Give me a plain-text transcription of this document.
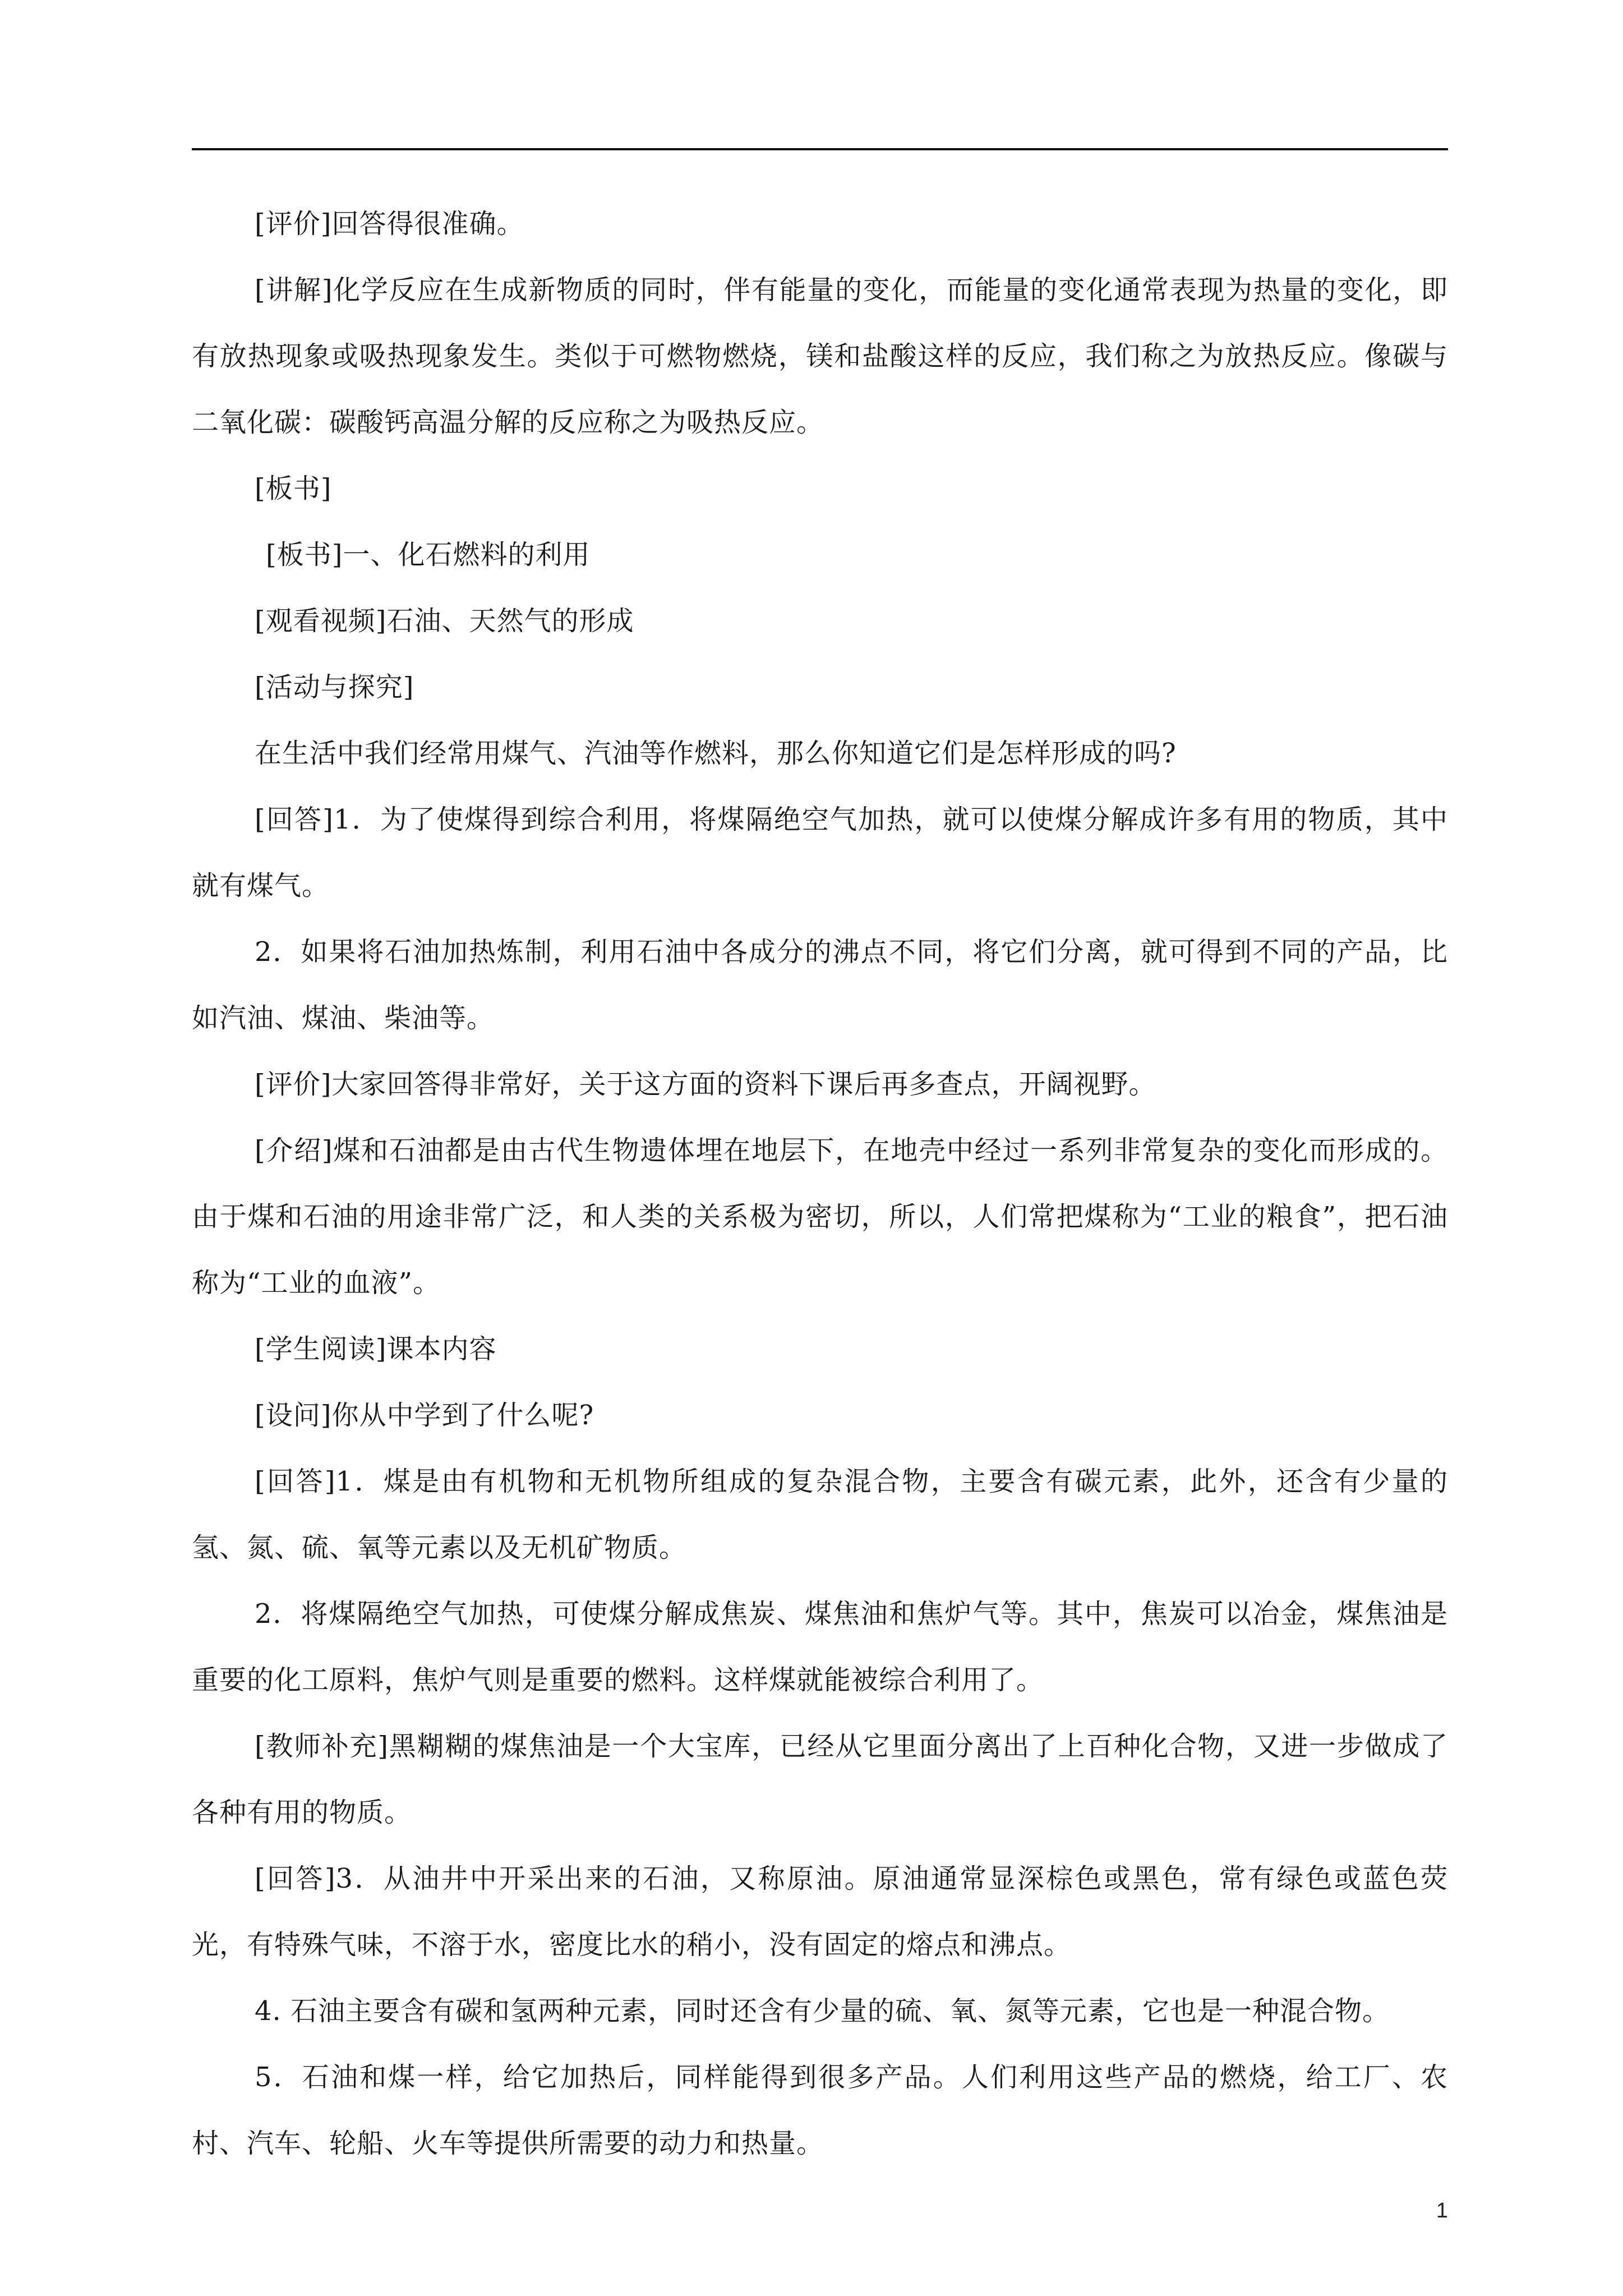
[评价]回答得很准确。

[讲解]化学反应在生成新物质的同时，伴有能量的变化，而能量的变化通常表现为热量的变化，即有放热现象或吸热现象发生。类似于可燃物燃烧，镁和盐酸这样的反应，我们称之为放热反应。像碳与二氧化碳：碳酸钙高温分解的反应称之为吸热反应。

[板书]

[板书]一、化石燃料的利用

[观看视频]石油、天然气的形成

[活动与探究]

在生活中我们经常用煤气、汽油等作燃料，那么你知道它们是怎样形成的吗?

[回答]1．为了使煤得到综合利用，将煤隔绝空气加热，就可以使煤分解成许多有用的物质，其中就有煤气。

2．如果将石油加热炼制，利用石油中各成分的沸点不同，将它们分离，就可得到不同的产品，比如汽油、煤油、柴油等。

[评价]大家回答得非常好，关于这方面的资料下课后再多查点，开阔视野。

[介绍]煤和石油都是由古代生物遗体埋在地层下，在地壳中经过一系列非常复杂的变化而形成的。由于煤和石油的用途非常广泛，和人类的关系极为密切，所以，人们常把煤称为“工业的粮食”，把石油称为“工业的血液”。

[学生阅读]课本内容

[设问]你从中学到了什么呢?

[回答]1．煤是由有机物和无机物所组成的复杂混合物，主要含有碳元素，此外，还含有少量的氢、氮、硫、氧等元素以及无机矿物质。

2．将煤隔绝空气加热，可使煤分解成焦炭、煤焦油和焦炉气等。其中，焦炭可以冶金，煤焦油是重要的化工原料，焦炉气则是重要的燃料。这样煤就能被综合利用了。

[教师补充]黑糊糊的煤焦油是一个大宝库，已经从它里面分离出了上百种化合物，又进一步做成了各种有用的物质。

[回答]3．从油井中开采出来的石油，又称原油。原油通常显深棕色或黑色，常有绿色或蓝色荧光，有特殊气味，不溶于水，密度比水的稍小，没有固定的熔点和沸点。

4. 石油主要含有碳和氢两种元素，同时还含有少量的硫、氧、氮等元素，它也是一种混合物。

5．石油和煤一样，给它加热后，同样能得到很多产品。人们利用这些产品的燃烧，给工厂、农村、汽车、轮船、火车等提供所需要的动力和热量。

1
